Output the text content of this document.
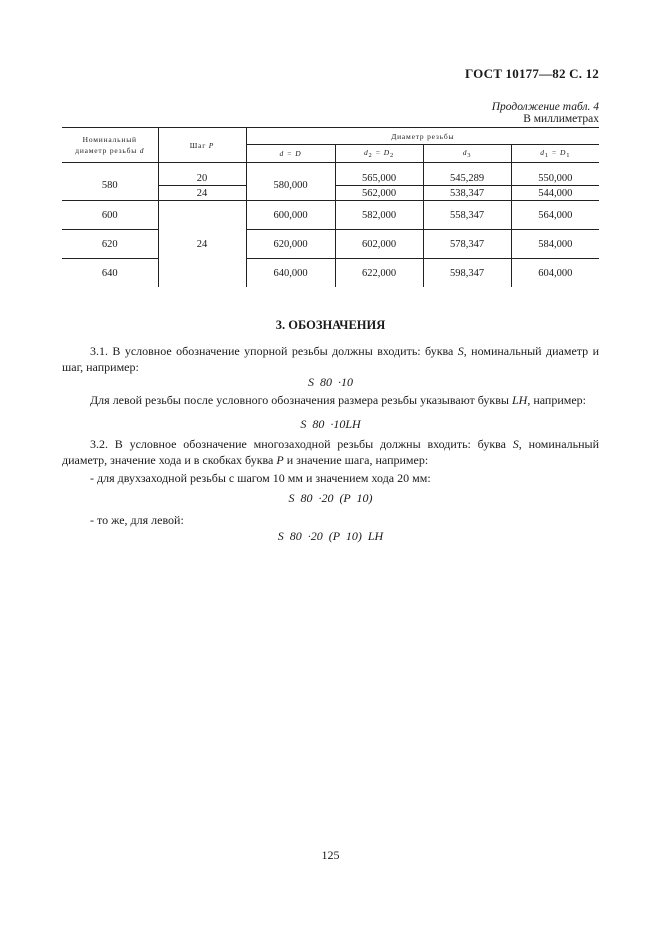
ГОСТ 10177—82 С. 12
Продолжение табл. 4
В миллиметрах
Номинальный
диаметр резьбы d	Шаг P	Диаметр резьбы			
		d = D	$d_2 = D_2$	$d_3$	$d_1 = D_1$

580	20	580,000	565,000	545,289	550,000
	24		562,000	538,347	544,000
600	24	600,000	582,000	558,347	564,000
620		620,000	602,000	578,347	584,000
640		640,000	622,000	598,347	604,000
3. ОБОЗНАЧЕНИЯ
3.1. В условное обозначение упорной резьбы должны входить: буква S, номинальный диаметр и шаг, например:
S 80 ·10
Для левой резьбы после условного обозначения размера резьбы указывают буквы LH, например:
S 80 ·10LH
3.2. В условное обозначение многозаходной резьбы должны входить: буква S, номинальный диаметр, значение хода и в скобках буква P и значение шага, например:
- для двухзаходной резьбы с шагом 10 мм и значением хода 20 мм:
S 80 ·20 (P 10)
- то же, для левой:
S 80 ·20 (P 10) LH
125
